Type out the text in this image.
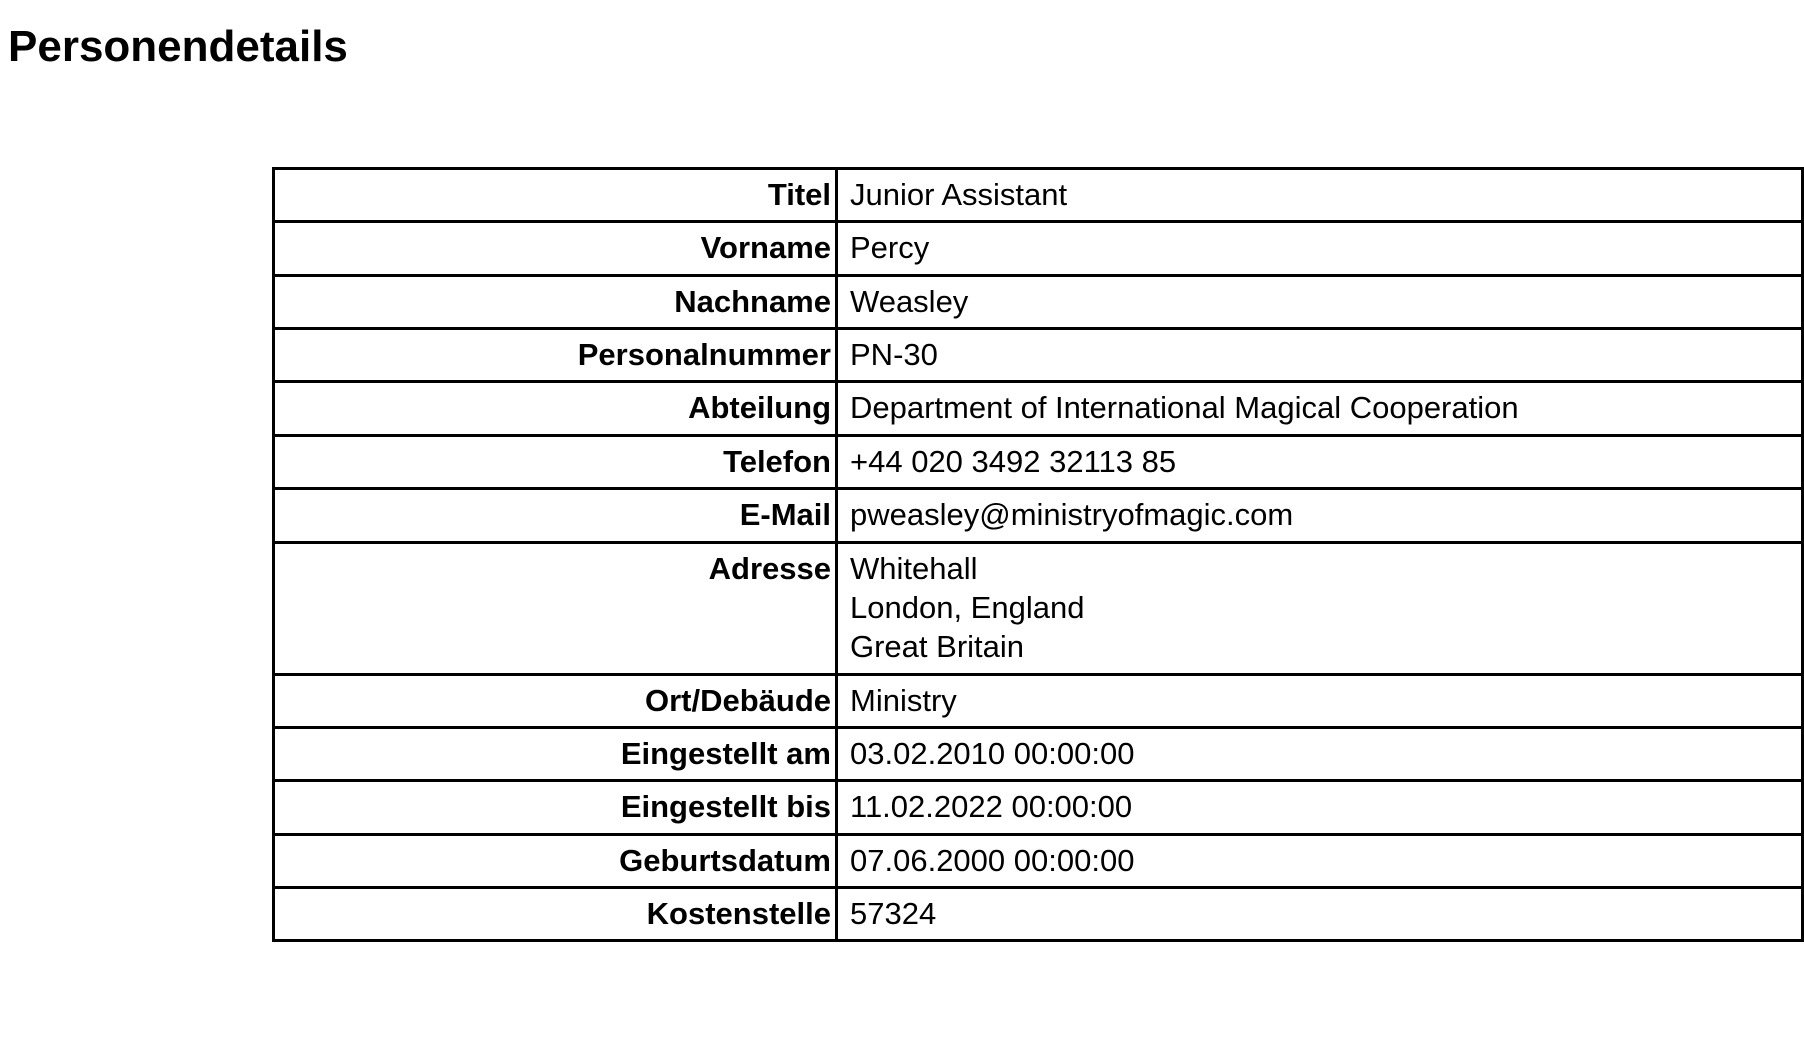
Personendetails
Titel	Junior Assistant

Vorname	Percy

Nachname	Weasley

Personalnummer	PN-30

Abteilung	Department of International Magical Cooperation

Telefon	+44 020 3492 32113 85

E-Mail	pweasley@ministryofmagic.com

Adresse	Whitehall
London, England
Great Britain

Ort/Debäude	Ministry

Eingestellt am	03.02.2010 00:00:00

Eingestellt bis	11.02.2022 00:00:00

Geburtsdatum	07.06.2000 00:00:00

Kostenstelle	57324
